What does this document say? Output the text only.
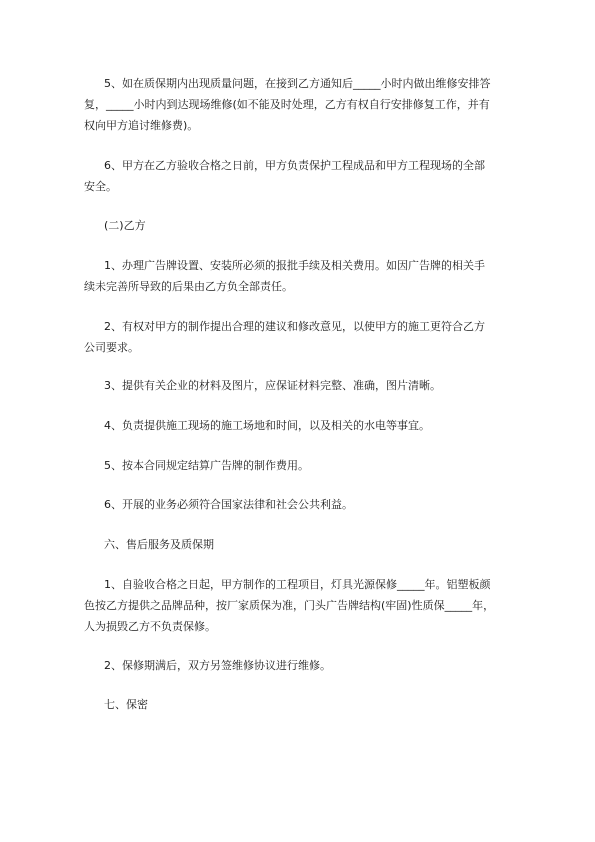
5、如在质保期内出现质量问题，在接到乙方通知后_____小时内做出维修安排答
复，_____小时内到达现场维修(如不能及时处理，乙方有权自行安排修复工作，并有
权向甲方追讨维修费)。
6、甲方在乙方验收合格之日前，甲方负责保护工程成品和甲方工程现场的全部
安全。
(二)乙方
1、办理广告牌设置、安装所必须的报批手续及相关费用。如因广告牌的相关手
续未完善所导致的后果由乙方负全部责任。
2、有权对甲方的制作提出合理的建议和修改意见，以使甲方的施工更符合乙方
公司要求。
3、提供有关企业的材料及图片，应保证材料完整、准确，图片清晰。
4、负责提供施工现场的施工场地和时间，以及相关的水电等事宜。
5、按本合同规定结算广告牌的制作费用。
6、开展的业务必须符合国家法律和社会公共利益。
六、售后服务及质保期
1、自验收合格之日起，甲方制作的工程项目，灯具光源保修_____年。铝塑板颜
色按乙方提供之品牌品种，按厂家质保为准，门头广告牌结构(牢固)性质保_____年，
人为损毁乙方不负责保修。
2、保修期满后，双方另签维修协议进行维修。
七、保密
